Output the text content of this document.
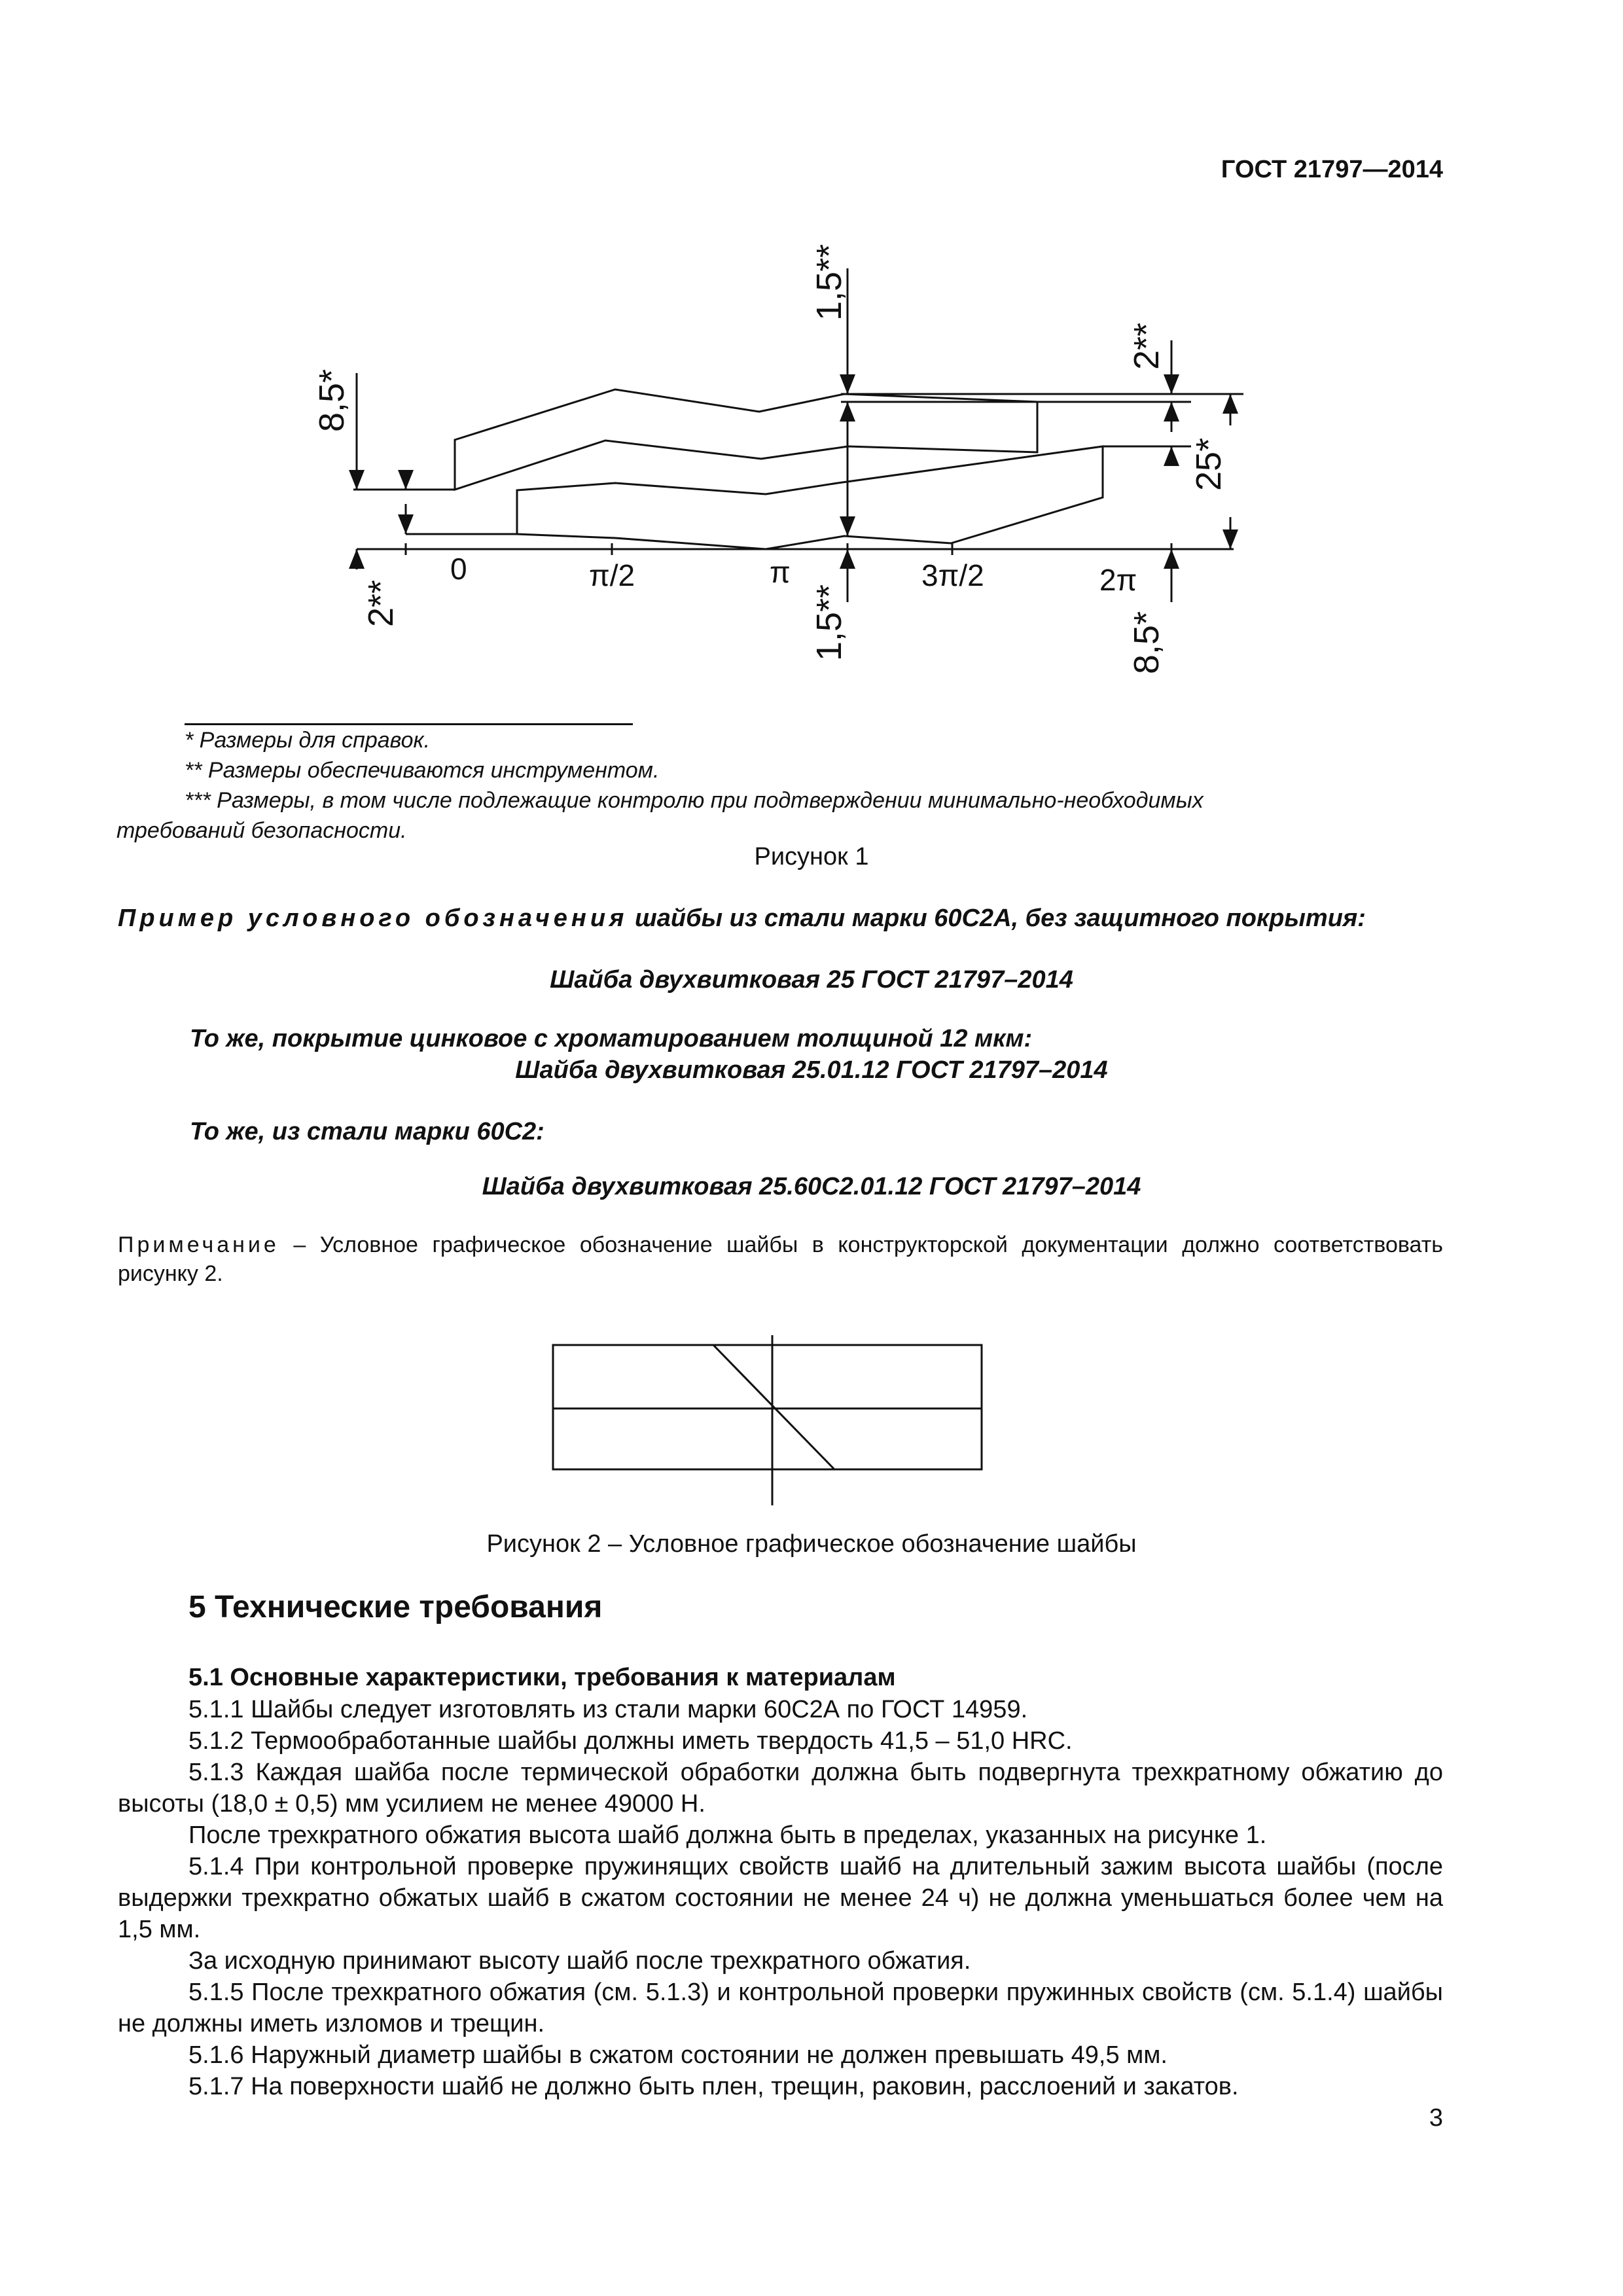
ГОСТ 21797—2014
8,5*
2**
1,5**
1,5**
2**
25*
8,5*
0	π/2	π	3π/2	2π
* Размеры для справок.
** Размеры обеспечиваются инструментом.
*** Размеры, в том числе подлежащие контролю при подтверждении минимально-необходимых
требований безопасности.
Рисунок 1
Пример условного обозначения шайбы из стали марки 60С2А, без защитного покрытия:
Шайба двухвитковая 25 ГОСТ 21797–2014
То же, покрытие цинковое с хроматированием толщиной 12 мкм:
Шайба двухвитковая 25.01.12 ГОСТ 21797–2014
То же, из стали марки 60С2:
Шайба двухвитковая 25.60С2.01.12 ГОСТ 21797–2014
Примечание – Условное графическое обозначение шайбы в конструкторской документации должно соответствовать рисунку 2.
Рисунок 2 – Условное графическое обозначение шайбы
5 Технические требования
5.1 Основные характеристики, требования к материалам

5.1.1 Шайбы следует изготовлять из стали марки 60С2А по ГОСТ 14959.

5.1.2 Термообработанные шайбы должны иметь твердость 41,5 – 51,0 HRC.

5.1.3 Каждая шайба после термической обработки должна быть подвергнута трехкратному обжатию до высоты (18,0 ± 0,5) мм усилием не менее 49000 Н.

После трехкратного обжатия высота шайб должна быть в пределах, указанных на рисунке 1.

5.1.4 При контрольной проверке пружинящих свойств шайб на длительный зажим высота шайбы (после выдержки трехкратно обжатых шайб в сжатом состоянии не менее 24 ч) не должна уменьшаться более чем на 1,5 мм.

За исходную принимают высоту шайб после трехкратного обжатия.

5.1.5 После трехкратного обжатия (см. 5.1.3) и контрольной проверки пружинных свойств (см. 5.1.4) шайбы не должны иметь изломов и трещин.

5.1.6 Наружный диаметр шайбы в сжатом состоянии не должен превышать 49,5 мм.

5.1.7 На поверхности шайб не должно быть плен, трещин, раковин, расслоений и закатов.

3
